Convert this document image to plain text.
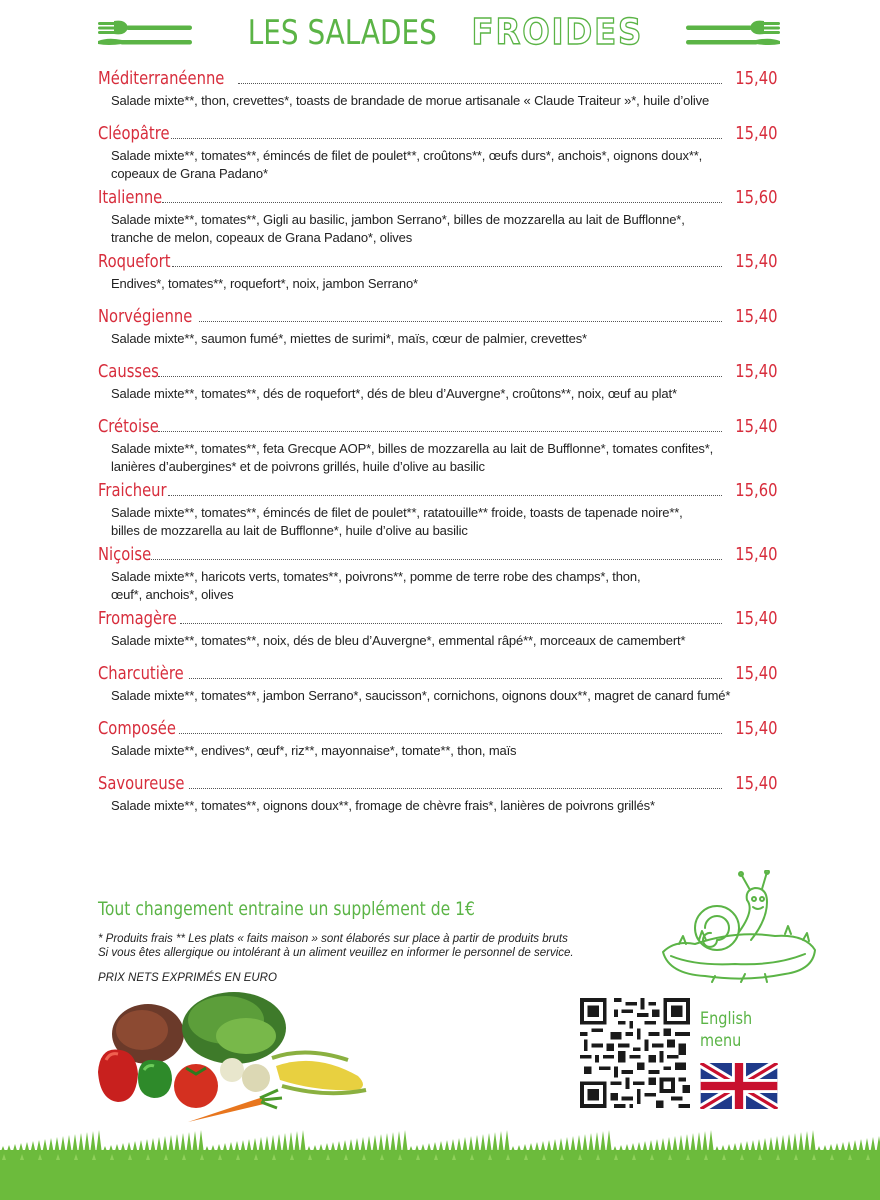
LES SALADES FROIDES
Méditerranéenne	15,40
Salade mixte**, thon, crevettes*, toasts de brandade de morue artisanale « Claude Traiteur »*, huile d’olive
Cléopâtre	15,40
Salade mixte**, tomates**, émincés de filet de poulet**, croûtons**, œufs durs*, anchois*, oignons doux**,
copeaux de Grana Padano*
Italienne	15,60
Salade mixte**, tomates**, Gigli au basilic, jambon Serrano*, billes de mozzarella au lait de Bufflonne*,
tranche de melon, copeaux de Grana Padano*, olives
Roquefort	15,40
Endives*, tomates**, roquefort*, noix, jambon Serrano*
Norvégienne	15,40
Salade mixte**, saumon fumé*, miettes de surimi*, maïs, cœur de palmier, crevettes*
Causses	15,40
Salade mixte**, tomates**, dés de roquefort*, dés de bleu d’Auvergne*, croûtons**, noix, œuf au plat*
Crétoise	15,40
Salade mixte**, tomates**, feta Grecque AOP*, billes de mozzarella au lait de Bufflonne*, tomates confites*,
lanières d’aubergines* et de poivrons grillés, huile d’olive au basilic
Fraicheur	15,60
Salade mixte**, tomates**, émincés de filet de poulet**, ratatouille** froide, toasts de tapenade noire**,
billes de mozzarella au lait de Bufflonne*, huile d’olive au basilic
Niçoise	15,40
Salade mixte**, haricots verts, tomates**, poivrons**, pomme de terre robe des champs*, thon,
œuf*, anchois*, olives
Fromagère	15,40
Salade mixte**, tomates**, noix, dés de bleu d’Auvergne*, emmental râpé**, morceaux de camembert*
Charcutière	15,40
Salade mixte**, tomates**, jambon Serrano*, saucisson*, cornichons, oignons doux**, magret de canard fumé*
Composée	15,40
Salade mixte**, endives*, œuf*, riz**, mayonnaise*, tomate**, thon, maïs
Savoureuse	15,40
Salade mixte**, tomates**, oignons doux**, fromage de chèvre frais*, lanières de poivrons grillés*
Tout changement entraine un supplément de 1€
* Produits frais ** Les plats « faits maison » sont élaborés sur place à partir de produits bruts
Si vous êtes allergique ou intolérant à un aliment veuillez en informer le personnel de service.
PRIX NETS EXPRIMÉS EN EURO
English
menu
